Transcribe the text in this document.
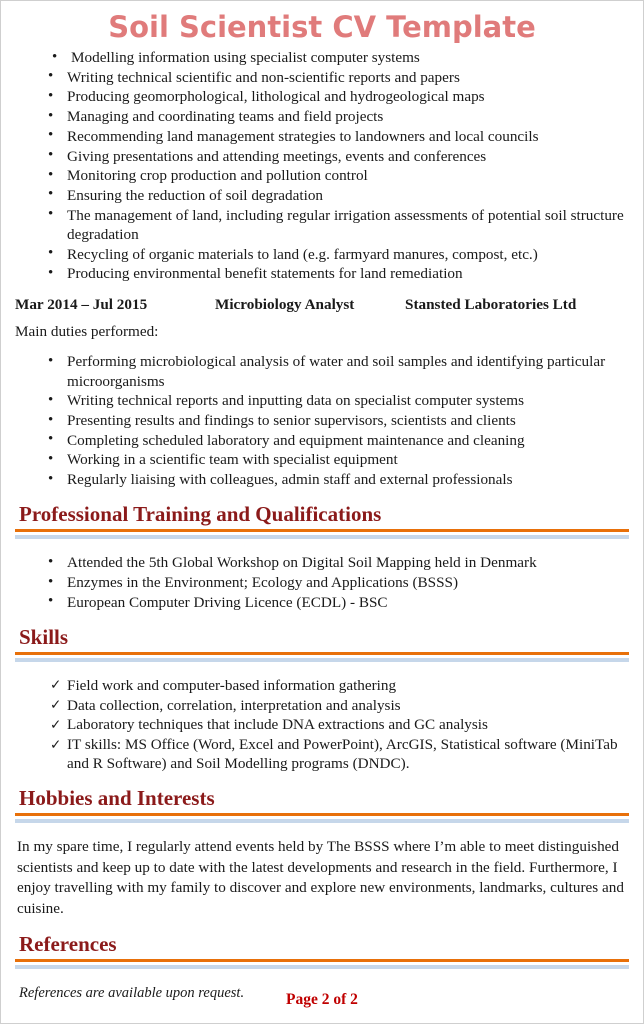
Soil Scientist CV Template
• Modelling information using specialist computer systems
• Writing technical scientific and non-scientific reports and papers
• Producing geomorphological, lithological and hydrogeological maps
• Managing and coordinating teams and field projects
• Recommending land management strategies to landowners and local councils
• Giving presentations and attending meetings, events and conferences
• Monitoring crop production and pollution control
• Ensuring the reduction of soil degradation
• The management of land, including regular irrigation assessments of potential soil structure degradation
• Recycling of organic materials to land (e.g. farmyard manures, compost, etc.)
• Producing environmental benefit statements for land remediation
Mar 2014 – Jul 2015	Microbiology Analyst	Stansted Laboratories Ltd
Main duties performed:
• Performing microbiological analysis of water and soil samples and identifying particular microorganisms
• Writing technical reports and inputting data on specialist computer systems
• Presenting results and findings to senior supervisors, scientists and clients
• Completing scheduled laboratory and equipment maintenance and cleaning
• Working in a scientific team with specialist equipment
• Regularly liaising with colleagues, admin staff and external professionals
Professional Training and Qualifications
• Attended the 5th Global Workshop on Digital Soil Mapping held in Denmark
• Enzymes in the Environment; Ecology and Applications (BSSS)
• European Computer Driving Licence (ECDL) - BSC
Skills
✓ Field work and computer-based information gathering
✓ Data collection, correlation, interpretation and analysis
✓ Laboratory techniques that include DNA extractions and GC analysis
✓ IT skills: MS Office (Word, Excel and PowerPoint), ArcGIS, Statistical software (MiniTab and R Software) and Soil Modelling programs (DNDC).
Hobbies and Interests

In my spare time, I regularly attend events held by The BSSS where I’m able to meet distinguished scientists and keep up to date with the latest developments and research in the field. Furthermore, I enjoy travelling with my family to discover and explore new environments, landmarks, cultures and cuisine.

References
References are available upon request.	Page 2 of 2
